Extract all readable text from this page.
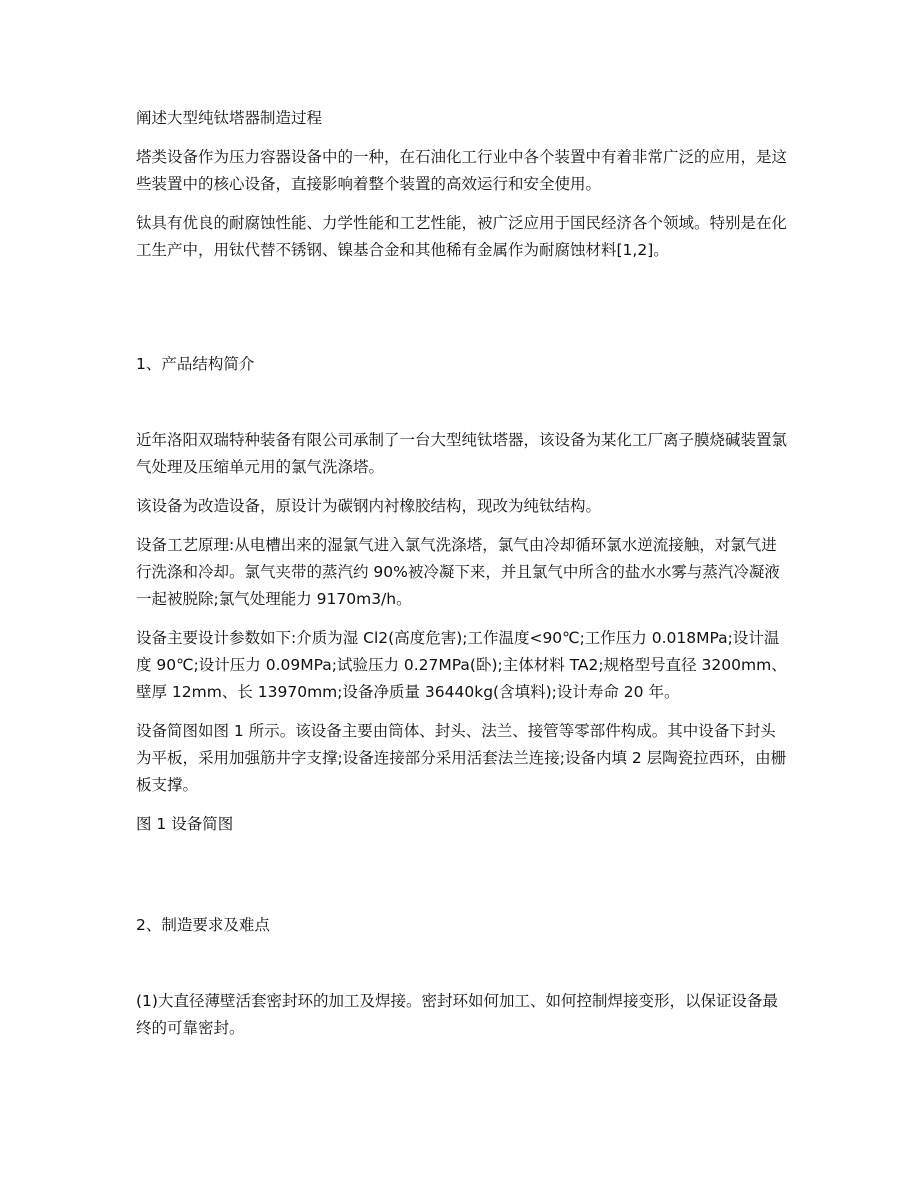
阐述大型纯钛塔器制造过程

塔类设备作为压力容器设备中的一种，在石油化工行业中各个装置中有着非常广泛的应用，是这些装置中的核心设备，直接影响着整个装置的高效运行和安全使用。

钛具有优良的耐腐蚀性能、力学性能和工艺性能，被广泛应用于国民经济各个领域。特别是在化工生产中，用钛代替不锈钢、镍基合金和其他稀有金属作为耐腐蚀材料[1,2]。

1、产品结构简介

近年洛阳双瑞特种装备有限公司承制了一台大型纯钛塔器，该设备为某化工厂离子膜烧碱装置氯气处理及压缩单元用的氯气洗涤塔。

该设备为改造设备，原设计为碳钢内衬橡胶结构，现改为纯钛结构。

设备工艺原理:从电槽出来的湿氯气进入氯气洗涤塔，氯气由冷却循环氯水逆流接触，对氯气进行洗涤和冷却。氯气夹带的蒸汽约 90%被冷凝下来，并且氯气中所含的盐水水雾与蒸汽冷凝液一起被脱除;氯气处理能力 9170m3/h。

设备主要设计参数如下:介质为湿 Cl2(高度危害);工作温度<90℃;工作压力 0.018MPa;设计温度 90℃;设计压力 0.09MPa;试验压力 0.27MPa(卧);主体材料 TA2;规格型号直径 3200mm、壁厚 12mm、长 13970mm;设备净质量 36440kg(含填料);设计寿命 20 年。

设备简图如图 1 所示。该设备主要由筒体、封头、法兰、接管等零部件构成。其中设备下封头为平板，采用加强筋井字支撑;设备连接部分采用活套法兰连接;设备内填 2 层陶瓷拉西环，由栅板支撑。

图 1 设备简图

2、制造要求及难点

(1)大直径薄壁活套密封环的加工及焊接。密封环如何加工、如何控制焊接变形，以保证设备最终的可靠密封。
